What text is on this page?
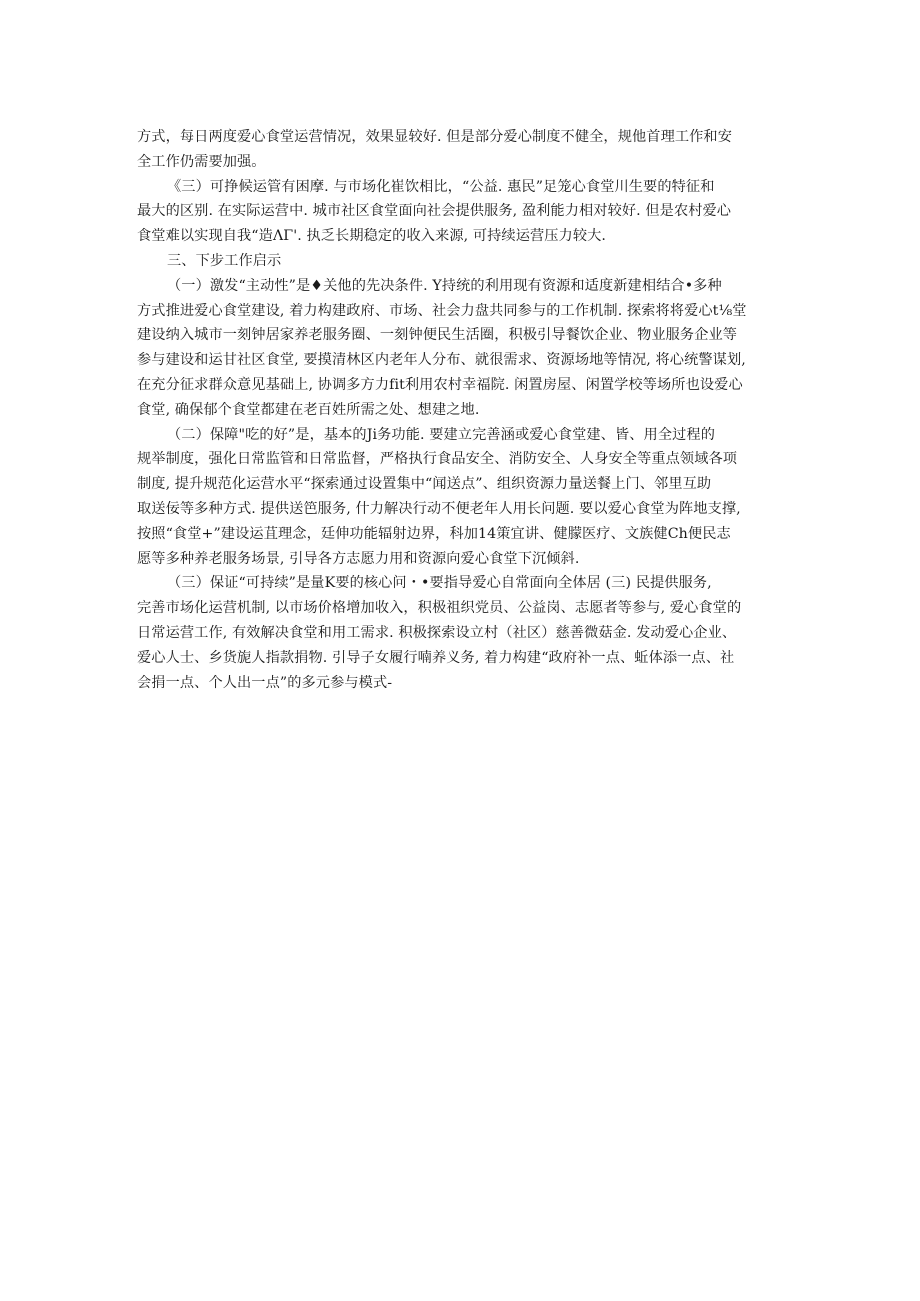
方式，每日两度爱心食堂运营情况，效果显较好. 但是部分爱心制度不健全，规他首理工作和安
全工作仍需要加强。
《三）可挣候运管有困摩. 与市场化崔饮相比，“公益. 惠民”足笼心食堂川生要的特征和
最大的区别. 在实际运营中. 城市社区食堂面向社会提供服务, 盈利能力相对较好. 但是农村爱心
食堂难以实现自我“造ΛΓ'. 执乏长期稳定的收入来源, 可持续运营压力较大.
三、下步工作启示
（一）激发“主动性”是♦关他的先决条件. Y持统的利用现有资源和适度新建相结合•多种
方式推进爱心食堂建设, 着力构建政府、市场、社会力盘共同参与的工作机制. 探索将将爱心t⅛堂
建设纳入城市一刻钟居家养老服务圈、一刻钟便民生活圈，积极引导餐饮企业、物业服务企业等
参与建设和运甘社区食堂, 要摸清林区内老年人分布、就很需求、资源场地等情况, 将心统警谋划,
在充分征求群众意见基础上, 协调多方力fit利用农村幸福院. 闲置房屋、闲置学校等场所也设爱心
食堂, 确保郁个食堂都建在老百姓所需之处、想建之地.
（二）保障"吃的好”是，基本的Ji务功能. 要建立完善涵或爱心食堂建、皆、用全过程的
规举制度，强化日常监管和日常监督，严格执行食品安全、消防安全、人身安全等重点领域各项
制度, 提升规范化运营水平“探索通过设置集中“闻送点”、组织资源力量送餐上门、邻里互助
取送佞等多种方式. 提供送笆服务, 什力解决行动不便老年人用长问题. 要以爱心食堂为阵地支撑,
按照“食堂+”建设运苴理念，廷伸功能辐射边界，科加14策宜讲、健朦医疗、文族健Ch便民志
愿等多种养老服务场景, 引导各方志愿力用和资源向爱心食堂下沉倾斜.
（三）保证“可持续”是量K要的核心问・•要指导爱心自常面向全体居 (三) 民提供服务,
完善市场化运营机制, 以市场价格增加收入，积极祖织党员、公益岗、志愿者等参与, 爱心食堂的
日常运营工作, 有效解决食堂和用工需求. 积极探索设立村（社区）慈善微菇金. 发动爱心企业、
爱心人士、乡货旎人指款捐物. 引导子女履行喃养义务, 着力构建“政府补一点、蚯体添一点、社
会捐一点、个人出一点”的多元参与模式-
